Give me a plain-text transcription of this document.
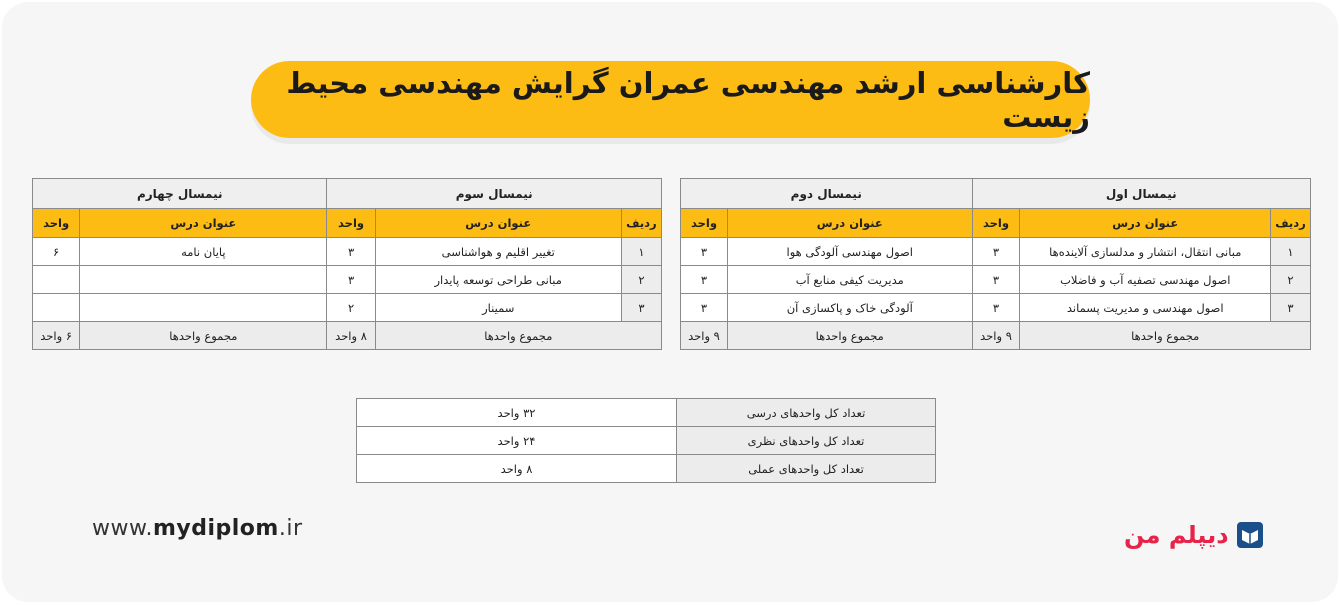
کارشناسی ارشد مهندسی عمران گرایش مهندسی محیط زیست
نیمسال اول			نیمسال دوم	
ردیف	عنوان درس	واحد	عنوان درس	واحد
۱	مبانی انتقال، انتشار و مدلسازی آلاینده‌ها	۳	اصول مهندسی آلودگی هوا	۳
۲	اصول مهندسی تصفیه آب و فاضلاب	۳	مدیریت کیفی منابع آب	۳
۳	اصول مهندسی و مدیریت پسماند	۳	آلودگی خاک و پاکسازی آن	۳
مجموع واحدها		۹ واحد	مجموع واحدها	۹ واحد
نیمسال سوم			نیمسال چهارم	
ردیف	عنوان درس	واحد	عنوان درس	واحد
۱	تغییر اقلیم و هواشناسی	۳	پایان نامه	۶
۲	مبانی طراحی توسعه پایدار	۳		
۳	سمینار	۲		
مجموع واحدها		۸ واحد	مجموع واحدها	۶ واحد
تعداد کل واحدهای درسی	۳۲ واحد
تعداد کل واحدهای نظری	۲۴ واحد
تعداد کل واحدهای عملی	۸ واحد
www.mydiplom.ir	دیپلم من
